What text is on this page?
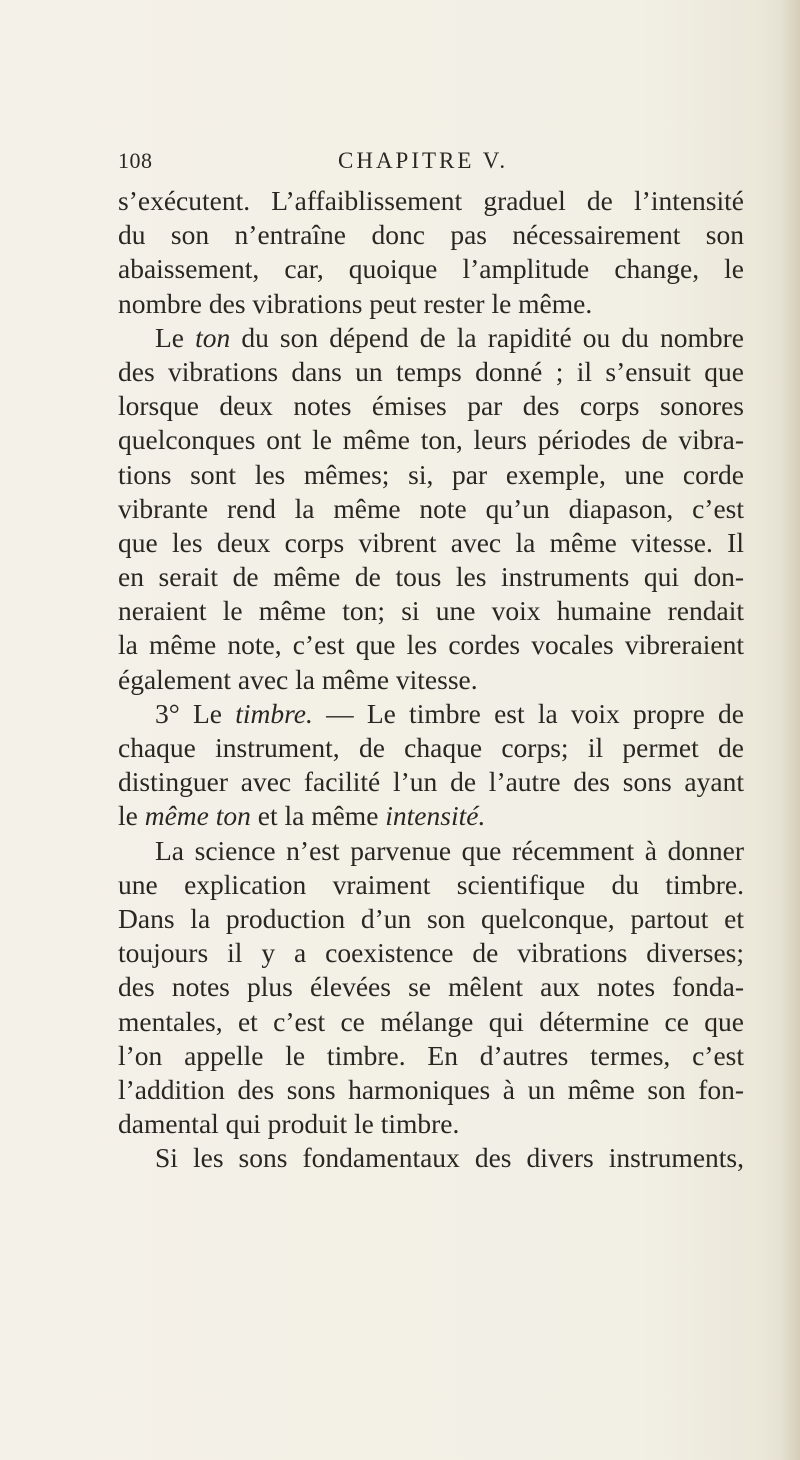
108	CHAPITRE V.
s’exécutent. L’affaiblissement graduel de l’intensité
du son n’entraîne donc pas nécessairement son
abaissement, car, quoique l’amplitude change, le
nombre des vibrations peut rester le même.
Le ton du son dépend de la rapidité ou du nombre
des vibrations dans un temps donné ; il s’ensuit que
lorsque deux notes émises par des corps sonores
quelconques ont le même ton, leurs périodes de vibra-
tions sont les mêmes; si, par exemple, une corde
vibrante rend la même note qu’un diapason, c’est
que les deux corps vibrent avec la même vitesse. Il
en serait de même de tous les instruments qui don-
neraient le même ton; si une voix humaine rendait
la même note, c’est que les cordes vocales vibreraient
également avec la même vitesse.
3° Le timbre. — Le timbre est la voix propre de
chaque instrument, de chaque corps; il permet de
distinguer avec facilité l’un de l’autre des sons ayant
le même ton et la même intensité.
La science n’est parvenue que récemment à donner
une explication vraiment scientifique du timbre.
Dans la production d’un son quelconque, partout et
toujours il y a coexistence de vibrations diverses;
des notes plus élevées se mêlent aux notes fonda-
mentales, et c’est ce mélange qui détermine ce que
l’on appelle le timbre. En d’autres termes, c’est
l’addition des sons harmoniques à un même son fon-
damental qui produit le timbre.
Si les sons fondamentaux des divers instruments,
